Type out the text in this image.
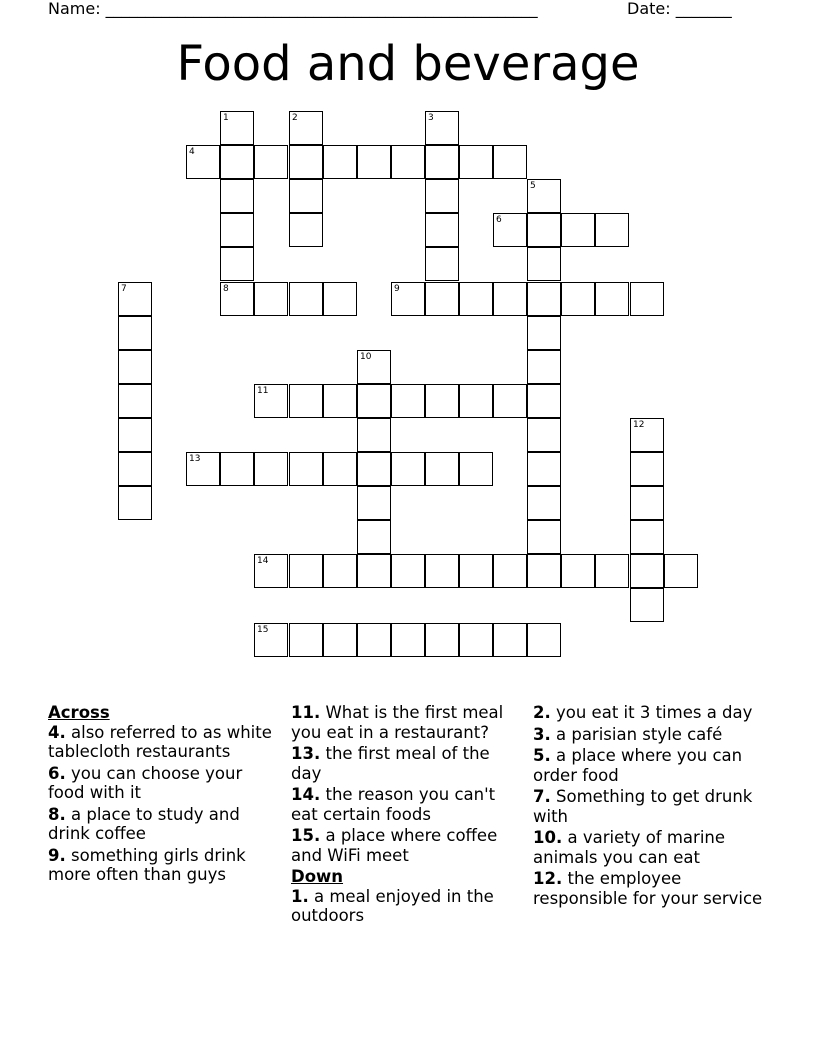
Name: ______________________________________________________	Date: _______
Food and beverage
1	2	3
4
5
6
7	8	9
10
11
12
13
14
15
Across
4. also referred to as white tablecloth restaurants
6. you can choose your food with it
8. a place to study and drink coffee
9. something girls drink more often than guys
11. What is the first meal you eat in a restaurant?
13. the first meal of the day
14. the reason you can't eat certain foods
15. a place where coffee and WiFi meet
Down
1. a meal enjoyed in the outdoors
2. you eat it 3 times a day
3. a parisian style café
5. a place where you can order food
7. Something to get drunk with
10. a variety of marine animals you can eat
12. the employee responsible for your service
